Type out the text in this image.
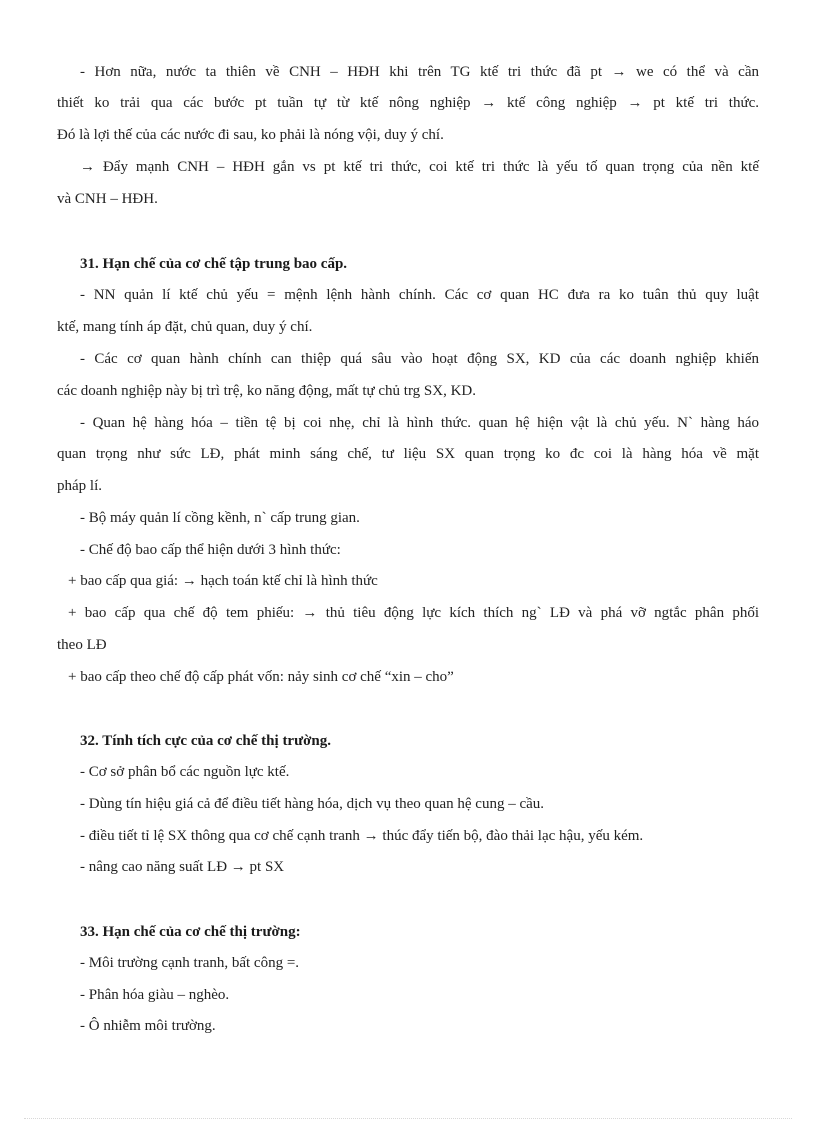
- Hơn nữa, nước ta thiên về CNH – HĐH khi trên TG ktế tri thức đã pt → we có thể và cần
thiết ko trải qua các bước pt tuần tự từ ktế nông nghiệp → ktế công nghiệp → pt ktế tri thức.
Đó là lợi thế của các nước đi sau, ko phải là nóng vội, duy ý chí.
→ Đẩy mạnh CNH – HĐH gắn vs pt ktế tri thức, coi ktế tri thức là yếu tố quan trọng của nền ktế
và CNH – HĐH.
31. Hạn chế của cơ chế tập trung bao cấp.
- NN quản lí ktế chủ yếu = mệnh lệnh hành chính. Các cơ quan HC đưa ra ko tuân thủ quy luật
ktế, mang tính áp đặt, chủ quan, duy ý chí.
- Các cơ quan hành chính can thiệp quá sâu vào hoạt động SX, KD của các doanh nghiệp khiến
các doanh nghiệp này bị trì trệ, ko năng động, mất tự chủ trg SX, KD.
- Quan hệ hàng hóa – tiền tệ bị coi nhẹ, chỉ là hình thức. quan hệ hiện vật là chủ yếu. N` hàng háo
quan trọng như sức LĐ, phát minh sáng chế, tư liệu SX quan trọng ko đc coi là hàng hóa về mặt
pháp lí.
- Bộ máy quản lí cồng kềnh, n` cấp trung gian.
- Chế độ bao cấp thể hiện dưới 3 hình thức:
+ bao cấp qua giá: → hạch toán ktế chỉ là hình thức
+ bao cấp qua chế độ tem phiếu: → thủ tiêu động lực kích thích ng` LĐ và phá vỡ ngtắc phân phối
theo LĐ
+ bao cấp theo chế độ cấp phát vốn: nảy sinh cơ chế “xin – cho”
32. Tính tích cực của cơ chế thị trường.
- Cơ sở phân bổ các nguồn lực ktế.
- Dùng tín hiệu giá cả để điều tiết hàng hóa, dịch vụ theo quan hệ cung – cầu.
- điều tiết tỉ lệ SX thông qua cơ chế cạnh tranh → thúc đẩy tiến bộ, đào thải lạc hậu, yếu kém.
- nâng cao năng suất LĐ → pt SX
33. Hạn chế của cơ chế thị trường:
- Môi trường cạnh tranh, bất công =.
- Phân hóa giàu – nghèo.
- Ô nhiễm môi trường.
